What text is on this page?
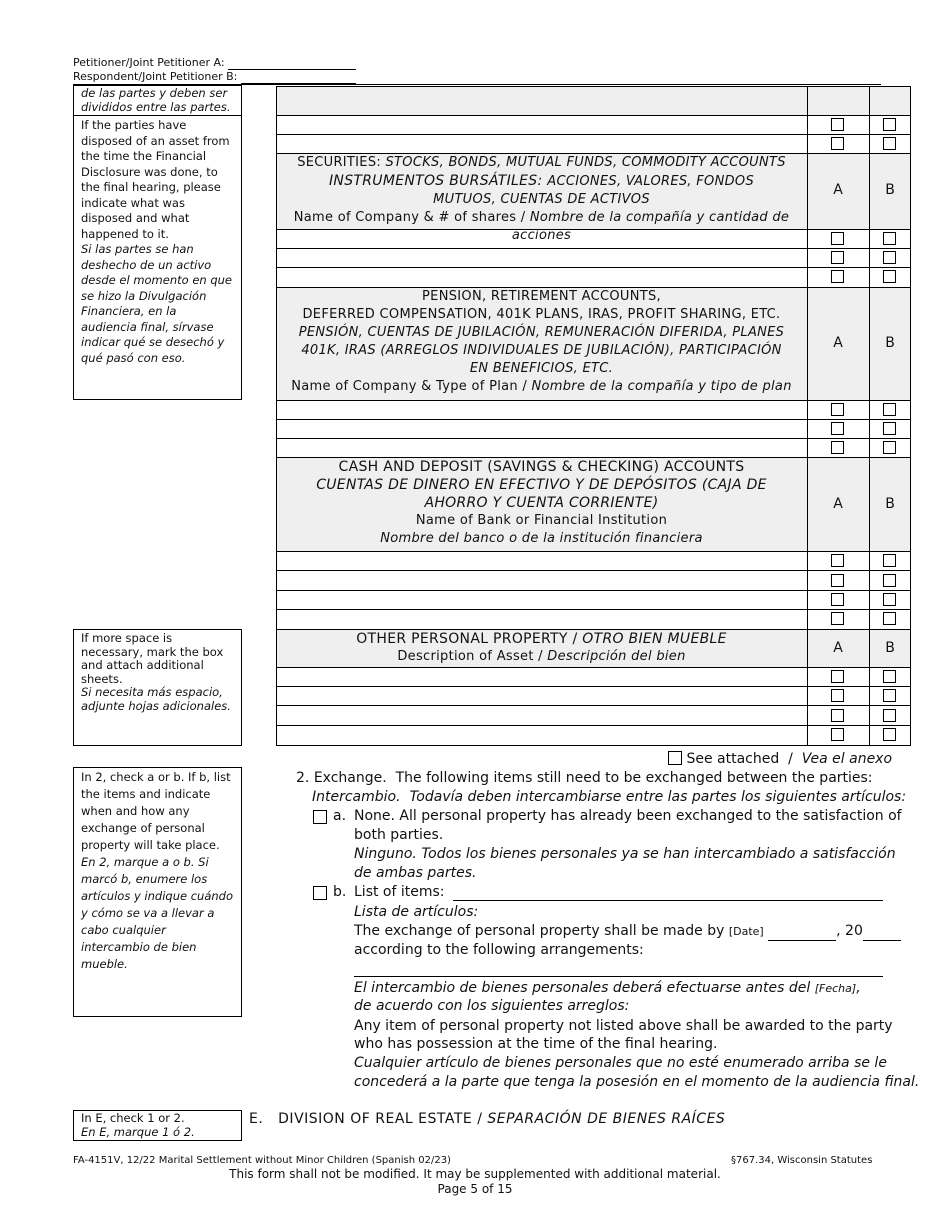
Petitioner/Joint Petitioner A:
Respondent/Joint Petitioner B:
de las partes y deben ser divididos entre las partes.
If the parties have disposed of an asset from the time the Financial Disclosure was done, to the final hearing, please indicate what was disposed and what happened to it.
Si las partes se han deshecho de un activo desde el momento en que se hizo la Divulgación Financiera, en la audiencia final, sírvase indicar qué se desechó y qué pasó con eso.
If more space is necessary, mark the box and attach additional sheets.
Si necesita más espacio, adjunte hojas adicionales.
In 2, check a or b. If b, list the items and indicate when and how any exchange of personal property will take place.
En 2, marque a o b. Si marcó b, enumere los artículos y indique cuándo y cómo se va a llevar a cabo cualquier intercambio de bien mueble.
In E, check 1 or 2.
En E, marque 1 ó 2.
SECURITIES: STOCKS, BONDS, MUTUAL FUNDS, COMMODITY ACCOUNTS
INSTRUMENTOS BURSÁTILES: ACCIONES, VALORES, FONDOS
MUTUOS, CUENTAS DE ACTIVOS
Name of Company & # of shares / Nombre de la compañía y cantidad de acciones
A	B
PENSION, RETIREMENT ACCOUNTS,
DEFERRED COMPENSATION, 401K PLANS, IRAS, PROFIT SHARING, ETC.
PENSIÓN, CUENTAS DE JUBILACIÓN, REMUNERACIÓN DIFERIDA, PLANES
401K, IRAS (ARREGLOS INDIVIDUALES DE JUBILACIÓN), PARTICIPACIÓN
EN BENEFICIOS, ETC.
Name of Company & Type of Plan / Nombre de la compañía y tipo de plan
A	B
CASH AND DEPOSIT (SAVINGS & CHECKING) ACCOUNTS
CUENTAS DE DINERO EN EFECTIVO Y DE DEPÓSITOS (CAJA DE
AHORRO Y CUENTA CORRIENTE)
Name of Bank or Financial Institution
Nombre del banco o de la institución financiera
A	B
OTHER PERSONAL PROPERTY / OTRO BIEN MUEBLE
Description of Asset / Descripción del bien
A	B
See attached / Vea el anexo
2. Exchange. The following items still need to be exchanged between the parties:
Intercambio. Todavía deben intercambiarse entre las partes los siguientes artículos:
a. None. All personal property has already been exchanged to the satisfaction of
both parties.
Ninguno. Todos los bienes personales ya se han intercambiado a satisfacción
de ambas partes.
b. List of items:
Lista de artículos:
The exchange of personal property shall be made by [Date]	, 20
according to the following arrangements:
El intercambio de bienes personales deberá efectuarse antes del [Fecha],
de acuerdo con los siguientes arreglos:
Any item of personal property not listed above shall be awarded to the party
who has possession at the time of the final hearing.
Cualquier artículo de bienes personales que no esté enumerado arriba se le
concederá a la parte que tenga la posesión en el momento de la audiencia final.
E. DIVISION OF REAL ESTATE / SEPARACIÓN DE BIENES RAÍCES
FA-4151V, 12/22 Marital Settlement without Minor Children (Spanish 02/23)	§767.34, Wisconsin Statutes
This form shall not be modified. It may be supplemented with additional material.
Page 5 of 15
